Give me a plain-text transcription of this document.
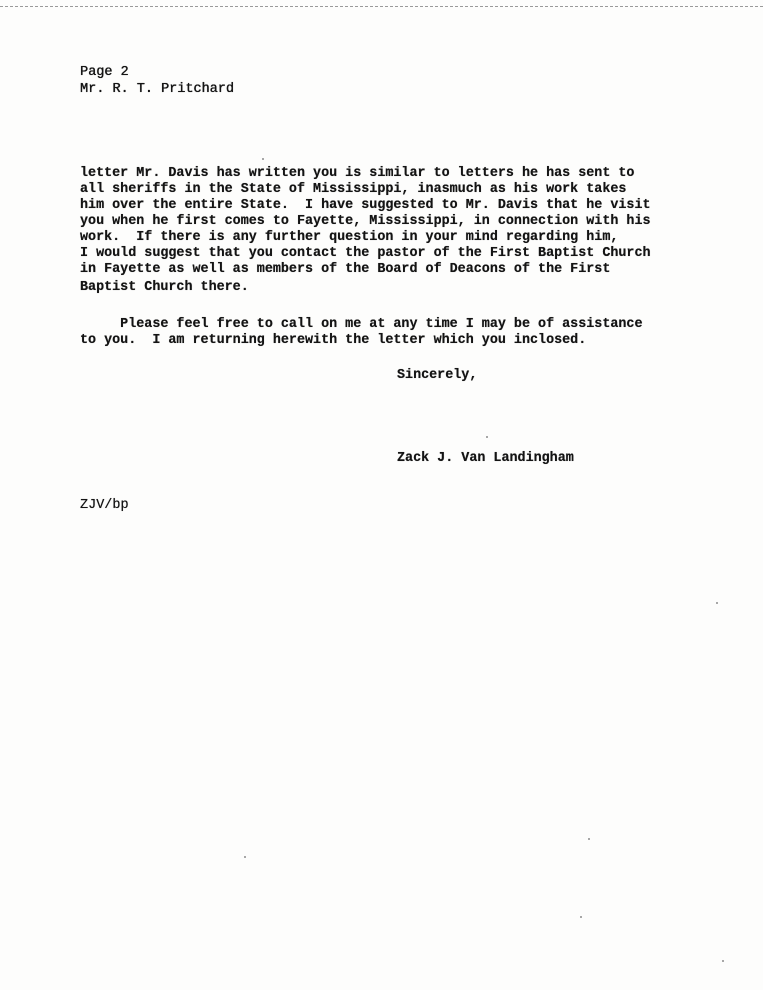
Page 2

Mr. R. T. Pritchard

letter Mr. Davis has written you is similar to letters he has sent to

all sheriffs in the State of Mississippi, inasmuch as his work takes

him over the entire State.  I have suggested to Mr. Davis that he visit

you when he first comes to Fayette, Mississippi, in connection with his

work.  If there is any further question in your mind regarding him,

I would suggest that you contact the pastor of the First Baptist Church

in Fayette as well as members of the Board of Deacons of the First

Baptist Church there.

Please feel free to call on me at any time I may be of assistance

to you.  I am returning herewith the letter which you inclosed.

Sincerely,

Zack J. Van Landingham

ZJV/bp
